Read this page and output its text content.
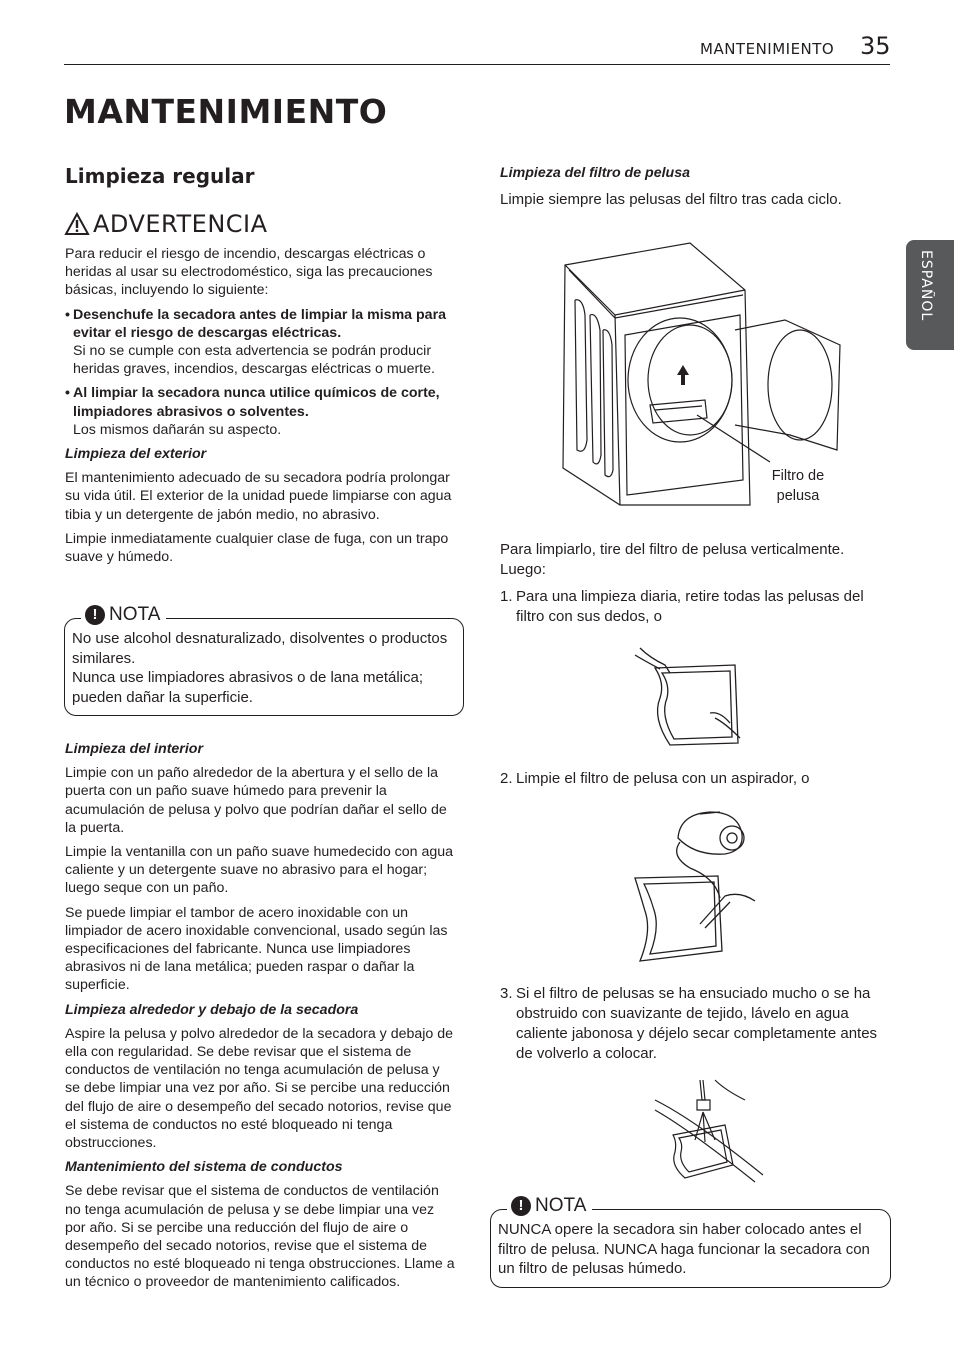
MANTENIMIENTO 35
ESPAÑOL
MANTENIMIENTO
Limpieza regular
ADVERTENCIA

Para reducir el riesgo de incendio, descargas eléctricas o heridas al usar su electrodoméstico, siga las precauciones básicas, incluyendo lo siguiente:

• Desenchufe la secadora antes de limpiar la misma para evitar el riesgo de descargas eléctricas.
Si no se cumple con esta advertencia se podrán producir heridas graves, incendios, descargas eléctricas o muerte.
• Al limpiar la secadora nunca utilice químicos de corte, limpiadores abrasivos o solventes.
Los mismos dañarán su aspecto.

Limpieza del exterior

El mantenimiento adecuado de su secadora podría prolongar su vida útil. El exterior de la unidad puede limpiarse con agua tibia y un detergente de jabón medio, no abrasivo.

Limpie inmediatamente cualquier clase de fuga, con un trapo suave y húmedo.

! NOTA
No use alcohol desnaturalizado, disolventes o productos similares.
Nunca use limpiadores abrasivos o de lana metálica; pueden dañar la superficie.

Limpieza del interior

Limpie con un paño alrededor de la abertura y el sello de la puerta con un paño suave húmedo para prevenir la acumulación de pelusa y polvo que podrían dañar el sello de la puerta.

Limpie la ventanilla con un paño suave humedecido con agua caliente y un detergente suave no abrasivo para el hogar; luego seque con un paño.

Se puede limpiar el tambor de acero inoxidable con un limpiador de acero inoxidable convencional, usado según las especificaciones del fabricante. Nunca use limpiadores abrasivos ni de lana metálica; pueden raspar o dañar la superficie.

Limpieza alrededor y debajo de la secadora

Aspire la pelusa y polvo alrededor de la secadora y debajo de ella con regularidad. Se debe revisar que el sistema de conductos de ventilación no tenga acumulación de pelusa y se debe limpiar una vez por año. Si se percibe una reducción del flujo de aire o desempeño del secado notorios, revise que el sistema de conductos no esté bloqueado ni tenga obstrucciones.

Mantenimiento del sistema de conductos

Se debe revisar que el sistema de conductos de ventilación no tenga acumulación de pelusa y se debe limpiar una vez por año. Si se percibe una reducción del flujo de aire o desempeño del secado notorios, revise que el sistema de conductos no esté bloqueado ni tenga obstrucciones. Llame a un técnico o proveedor de mantenimiento calificados.

Limpieza del filtro de pelusa

Limpie siempre las pelusas del filtro tras cada ciclo.
Filtro de pelusa
Para limpiarlo, tire del filtro de pelusa verticalmente. Luego:
1. Para una limpieza diaria, retire todas las pelusas del filtro con sus dedos, o
2. Limpie el filtro de pelusa con un aspirador, o
3. Si el filtro de pelusas se ha ensuciado mucho o se ha obstruido con suavizante de tejido, lávelo en agua caliente jabonosa y déjelo secar completamente antes de volverlo a colocar.
! NOTA
NUNCA opere la secadora sin haber colocado antes el filtro de pelusa. NUNCA haga funcionar la secadora con un filtro de pelusas húmedo.
